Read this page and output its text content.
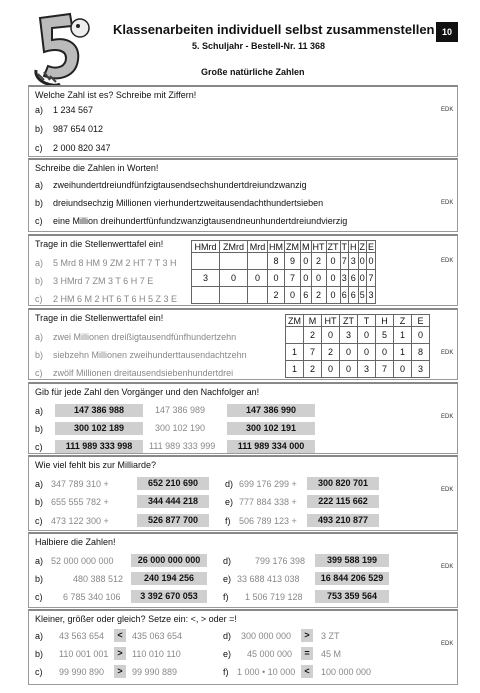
Klassenarbeiten individuell selbst zusammenstellen
5. Schuljahr - Bestell-Nr. 11 368
Große natürliche Zahlen
10
Welche Zahl ist es? Schreibe mit Ziffern!
a) 1 234 567
b) 987 654 012
c) 2 000 820 347
EDK
Schreibe die Zahlen in Worten!
a) zweihundertdreiundfünfzigtausendsechshundertdreiundzwanzig
b) dreiundsechzig Millionen vierhundertzweitausendachthundertsieben
c) eine Million dreihundertfünfundzwanzigtausendneunhundertdreiundvierzig
EDK
Trage in die Stellenwerttafel ein!
a) 5 Mrd 8 HM 9 ZM 2 HT 7 T 3 H
b) 3 HMrd 7 ZM 3 T 6 H 7 E
c) 2 HM 6 M 2 HT 6 T 6 H 5 Z 3 E
HMrd	ZMrd	Mrd	HM	ZM	M	HT	ZT	T	H	Z	E
			8	9	0	2	0	7	3	0	0
3	0	0	0	7	0	0	0	3	6	0	7
			2	0	6	2	0	6	6	5	3
EDK
Trage in die Stellenwerttafel ein!
a) zwei Millionen dreißigtausendfünfhundertzehn
b) siebzehn Millionen zweihunderttausendachtzehn
c) zwölf Millionen dreitausendsiebenhundertdrei
ZM	M	HT	ZT	T	H	Z	E
	2	0	3	0	5	1	0
1	7	2	0	0	0	1	8
1	2	0	0	3	7	0	3
EDK
Gib für jede Zahl den Vorgänger und den Nachfolger an!
a)	147 386 988	147 386 989	147 386 990
b)	300 102 189	300 102 190	300 102 191
c)	111 989 333 998	111 989 333 999	111 989 334 000
EDK
Wie viel fehlt bis zur Milliarde?
a) 347 789 310 +	652 210 690	d) 699 176 299 +	300 820 701
b) 655 555 782 +	344 444 218	e) 777 884 338 +	222 115 662
c) 473 122 300 +	526 877 700	f) 506 789 123 +	493 210 877
EDK
Halbiere die Zahlen!
a) 52 000 000 000	26 000 000 000	d)	799 176 398	399 588 199
b)	480 388 512	240 194 256	e) 33 688 413 038	16 844 206 529
c) 6 785 340 106	3 392 670 053	f) 1 506 719 128	753 359 564
EDK
Kleiner, größer oder gleich? Setze ein: <, > oder =!
a) 43 563 654	<	435 063 654	d) 300 000 000	>	3 ZT
b) 110 001 001 >	110 010 110	e) 45 000 000	=	45 M
c) 99 990 890	>	99 990 889	f) 1 000 • 10 000	<	100 000 000
EDK
